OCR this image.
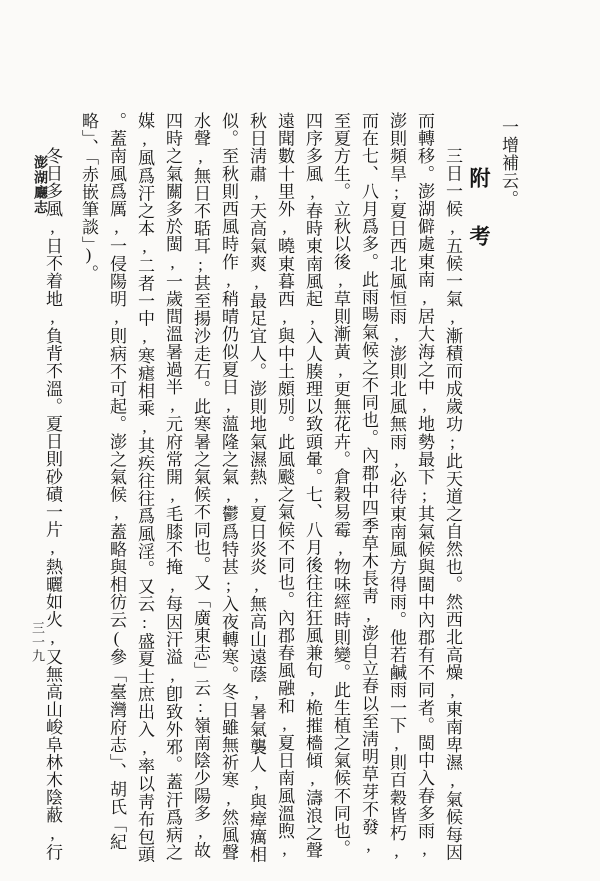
一增補云。
附 考
三日一候,五候一氣,漸積而成歲功;此天道之自然也。然西北高燥,東南卑濕,氣候每因
而轉移。澎湖僻處東南,居大海之中,地勢最下;其氣候與閩中內郡有不同者。閩中入春多雨,
澎則頻旱;夏日西北風恒雨,澎則北風無雨,必待東南風方得雨。他若鹹雨一下,則百穀皆朽,
而在七、八月爲多。此雨暘氣候之不同也。內郡中四季草木長靑,澎自立春以至淸明草芽不發,
至夏方生。立秋以後,草則漸黃,更無花卉。倉穀易霉,物味經時則變。此生植之氣候不同也。
四序多風,春時東南風起,入人腠理以致頭暈。七、八月後往往狂風兼旬,桅摧檣傾,濤浪之聲
遠聞數十里外,曉東暮西,與中土頗別。此風颷之氣候不同也。內郡春風融和,夏日南風溫煦,
秋日淸肅,天高氣爽,最足宜人。澎則地氣濕熱,夏日炎炎,無高山遠蔭,暑氣襲人,與瘴癘相
似。至秋則西風時作,稍晴仍似夏日,薀隆之氣,鬱爲特甚;入夜轉寒。冬日雖無祈寒,然風聲
水聲,無日不聒耳;甚至揚沙走石。此寒暑之氣候不同也。又「廣東志」云:嶺南陰少陽多,故
四時之氣關多於閩,一歲間溫暑過半,元府常開,毛膝不掩,每因汗溢,卽致外邪。蓋汗爲病之
媒,風爲汗之本,二者一中,寒瘧相乘,其疾往往爲風淫。又云:盛夏士庶出入,率以靑布包頭
。蓋南風爲厲,一侵陽明,則病不可起。澎之氣候,蓋略與相彷云(參「臺灣府志」、胡氏「紀
略」、「赤嵌筆談」)。
冬日多風,日不着地,負背不溫。夏日則砂磧一片,熱曬如火,又無高山峻阜林木陰蔽,行
澎湖廳志
三一九
